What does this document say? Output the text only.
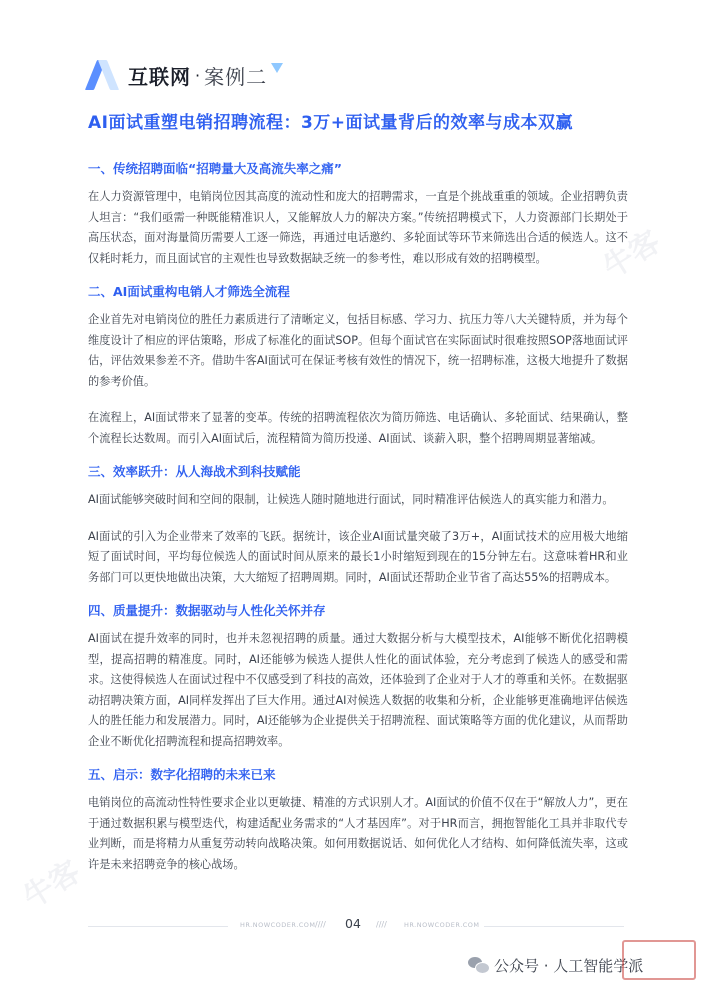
牛客
牛客
互联网 · 案例二
AI面试重塑电销招聘流程：3万+面试量背后的效率与成本双赢
一、传统招聘面临“招聘量大及高流失率之痛”

在人力资源管理中，电销岗位因其高度的流动性和庞大的招聘需求，一直是个挑战重重的领域。企业招聘负责人坦言：“我们亟需一种既能精准识人，又能解放人力的解决方案。”传统招聘模式下，人力资源部门长期处于高压状态，面对海量简历需要人工逐一筛选，再通过电话邀约、多轮面试等环节来筛选出合适的候选人。这不仅耗时耗力，而且面试官的主观性也导致数据缺乏统一的参考性，难以形成有效的招聘模型。

二、AI面试重构电销人才筛选全流程

企业首先对电销岗位的胜任力素质进行了清晰定义，包括目标感、学习力、抗压力等八大关键特质，并为每个维度设计了相应的评估策略，形成了标准化的面试SOP。但每个面试官在实际面试时很难按照SOP落地面试评估，评估效果参差不齐。借助牛客AI面试可在保证考核有效性的情况下，统一招聘标准，这极大地提升了数据的参考价值。

在流程上，AI面试带来了显著的变革。传统的招聘流程依次为简历筛选、电话确认、多轮面试、结果确认，整个流程长达数周。而引入AI面试后，流程精简为简历投递、AI面试、谈薪入职，整个招聘周期显著缩减。

三、效率跃升：从人海战术到科技赋能

AI面试能够突破时间和空间的限制，让候选人随时随地进行面试，同时精准评估候选人的真实能力和潜力。

AI面试的引入为企业带来了效率的飞跃。据统计，该企业AI面试量突破了3万+，AI面试技术的应用极大地缩短了面试时间，平均每位候选人的面试时间从原来的最长1小时缩短到现在的15分钟左右。这意味着HR和业务部门可以更快地做出决策，大大缩短了招聘周期。同时，AI面试还帮助企业节省了高达55%的招聘成本。

四、质量提升：数据驱动与人性化关怀并存

AI面试在提升效率的同时，也并未忽视招聘的质量。通过大数据分析与大模型技术，AI能够不断优化招聘模型，提高招聘的精准度。同时，AI还能够为候选人提供人性化的面试体验，充分考虑到了候选人的感受和需求。这使得候选人在面试过程中不仅感受到了科技的高效，还体验到了企业对于人才的尊重和关怀。在数据驱动招聘决策方面，AI同样发挥出了巨大作用。通过AI对候选人数据的收集和分析，企业能够更准确地评估候选人的胜任能力和发展潜力。同时，AI还能够为企业提供关于招聘流程、面试策略等方面的优化建议，从而帮助企业不断优化招聘流程和提高招聘效率。

五、启示：数字化招聘的未来已来

电销岗位的高流动性特性要求企业以更敏捷、精准的方式识别人才。AI面试的价值不仅在于“解放人力”，更在于通过数据积累与模型迭代，构建适配业务需求的“人才基因库”。对于HR而言，拥抱智能化工具并非取代专业判断，而是将精力从重复劳动转向战略决策。如何用数据说话、如何优化人才结构、如何降低流失率，这或许是未来招聘竞争的核心战场。

HR.NOWCODER.COM //// 04 ////	HR.NOWCODER.COM
公众号 · 人工智能学派
